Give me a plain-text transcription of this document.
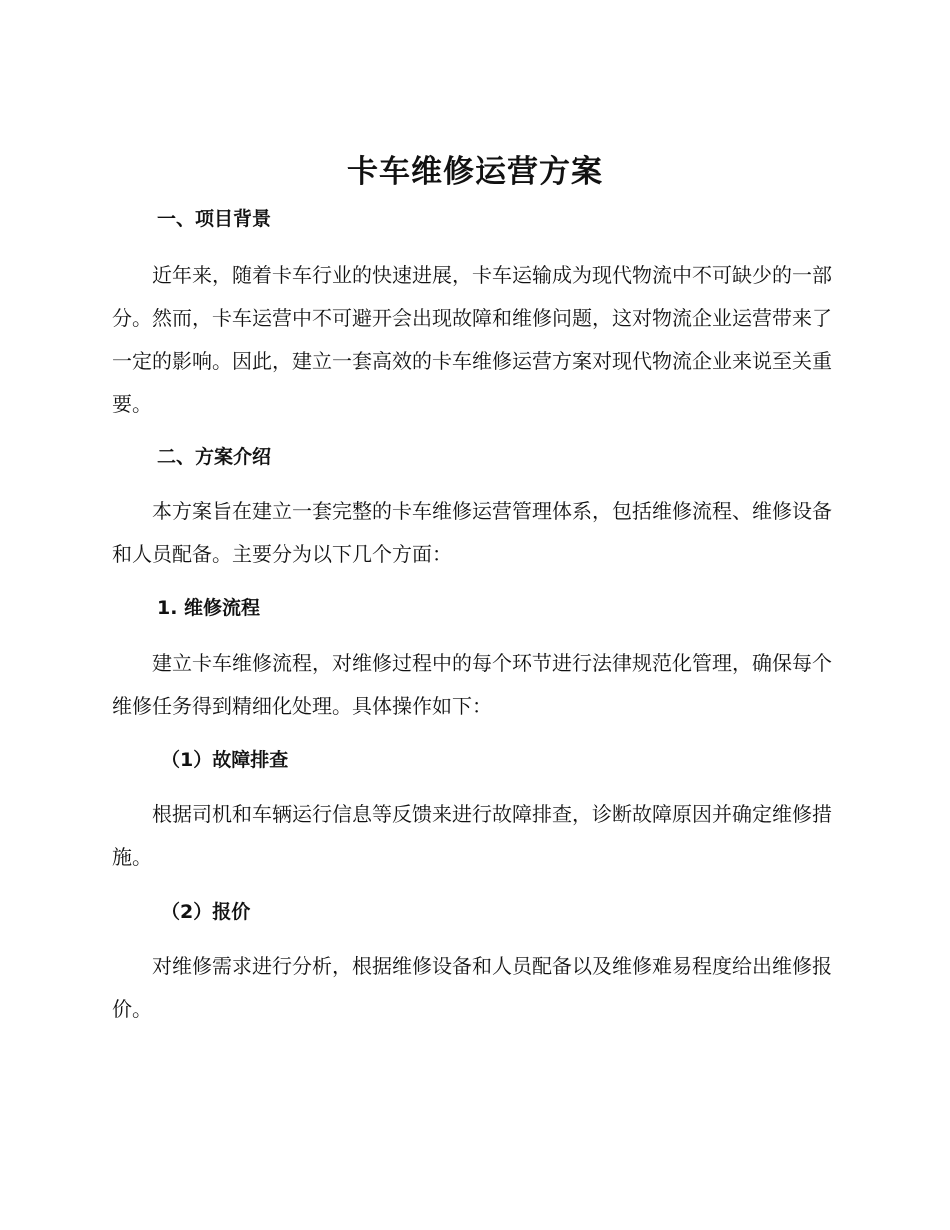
卡车维修运营方案
一、项目背景
近年来，随着卡车行业的快速进展，卡车运输成为现代物流中不可缺少的一部分。然而，卡车运营中不可避开会出现故障和维修问题，这对物流企业运营带来了一定的影响。因此，建立一套高效的卡车维修运营方案对现代物流企业来说至关重要。
二、方案介绍
本方案旨在建立一套完整的卡车维修运营管理体系，包括维修流程、维修设备和人员配备。主要分为以下几个方面：
1. 维修流程
建立卡车维修流程，对维修过程中的每个环节进行法律规范化管理，确保每个维修任务得到精细化处理。具体操作如下：
（1）故障排查
根据司机和车辆运行信息等反馈来进行故障排查，诊断故障原因并确定维修措施。
（2）报价
对维修需求进行分析，根据维修设备和人员配备以及维修难易程度给出维修报价。
